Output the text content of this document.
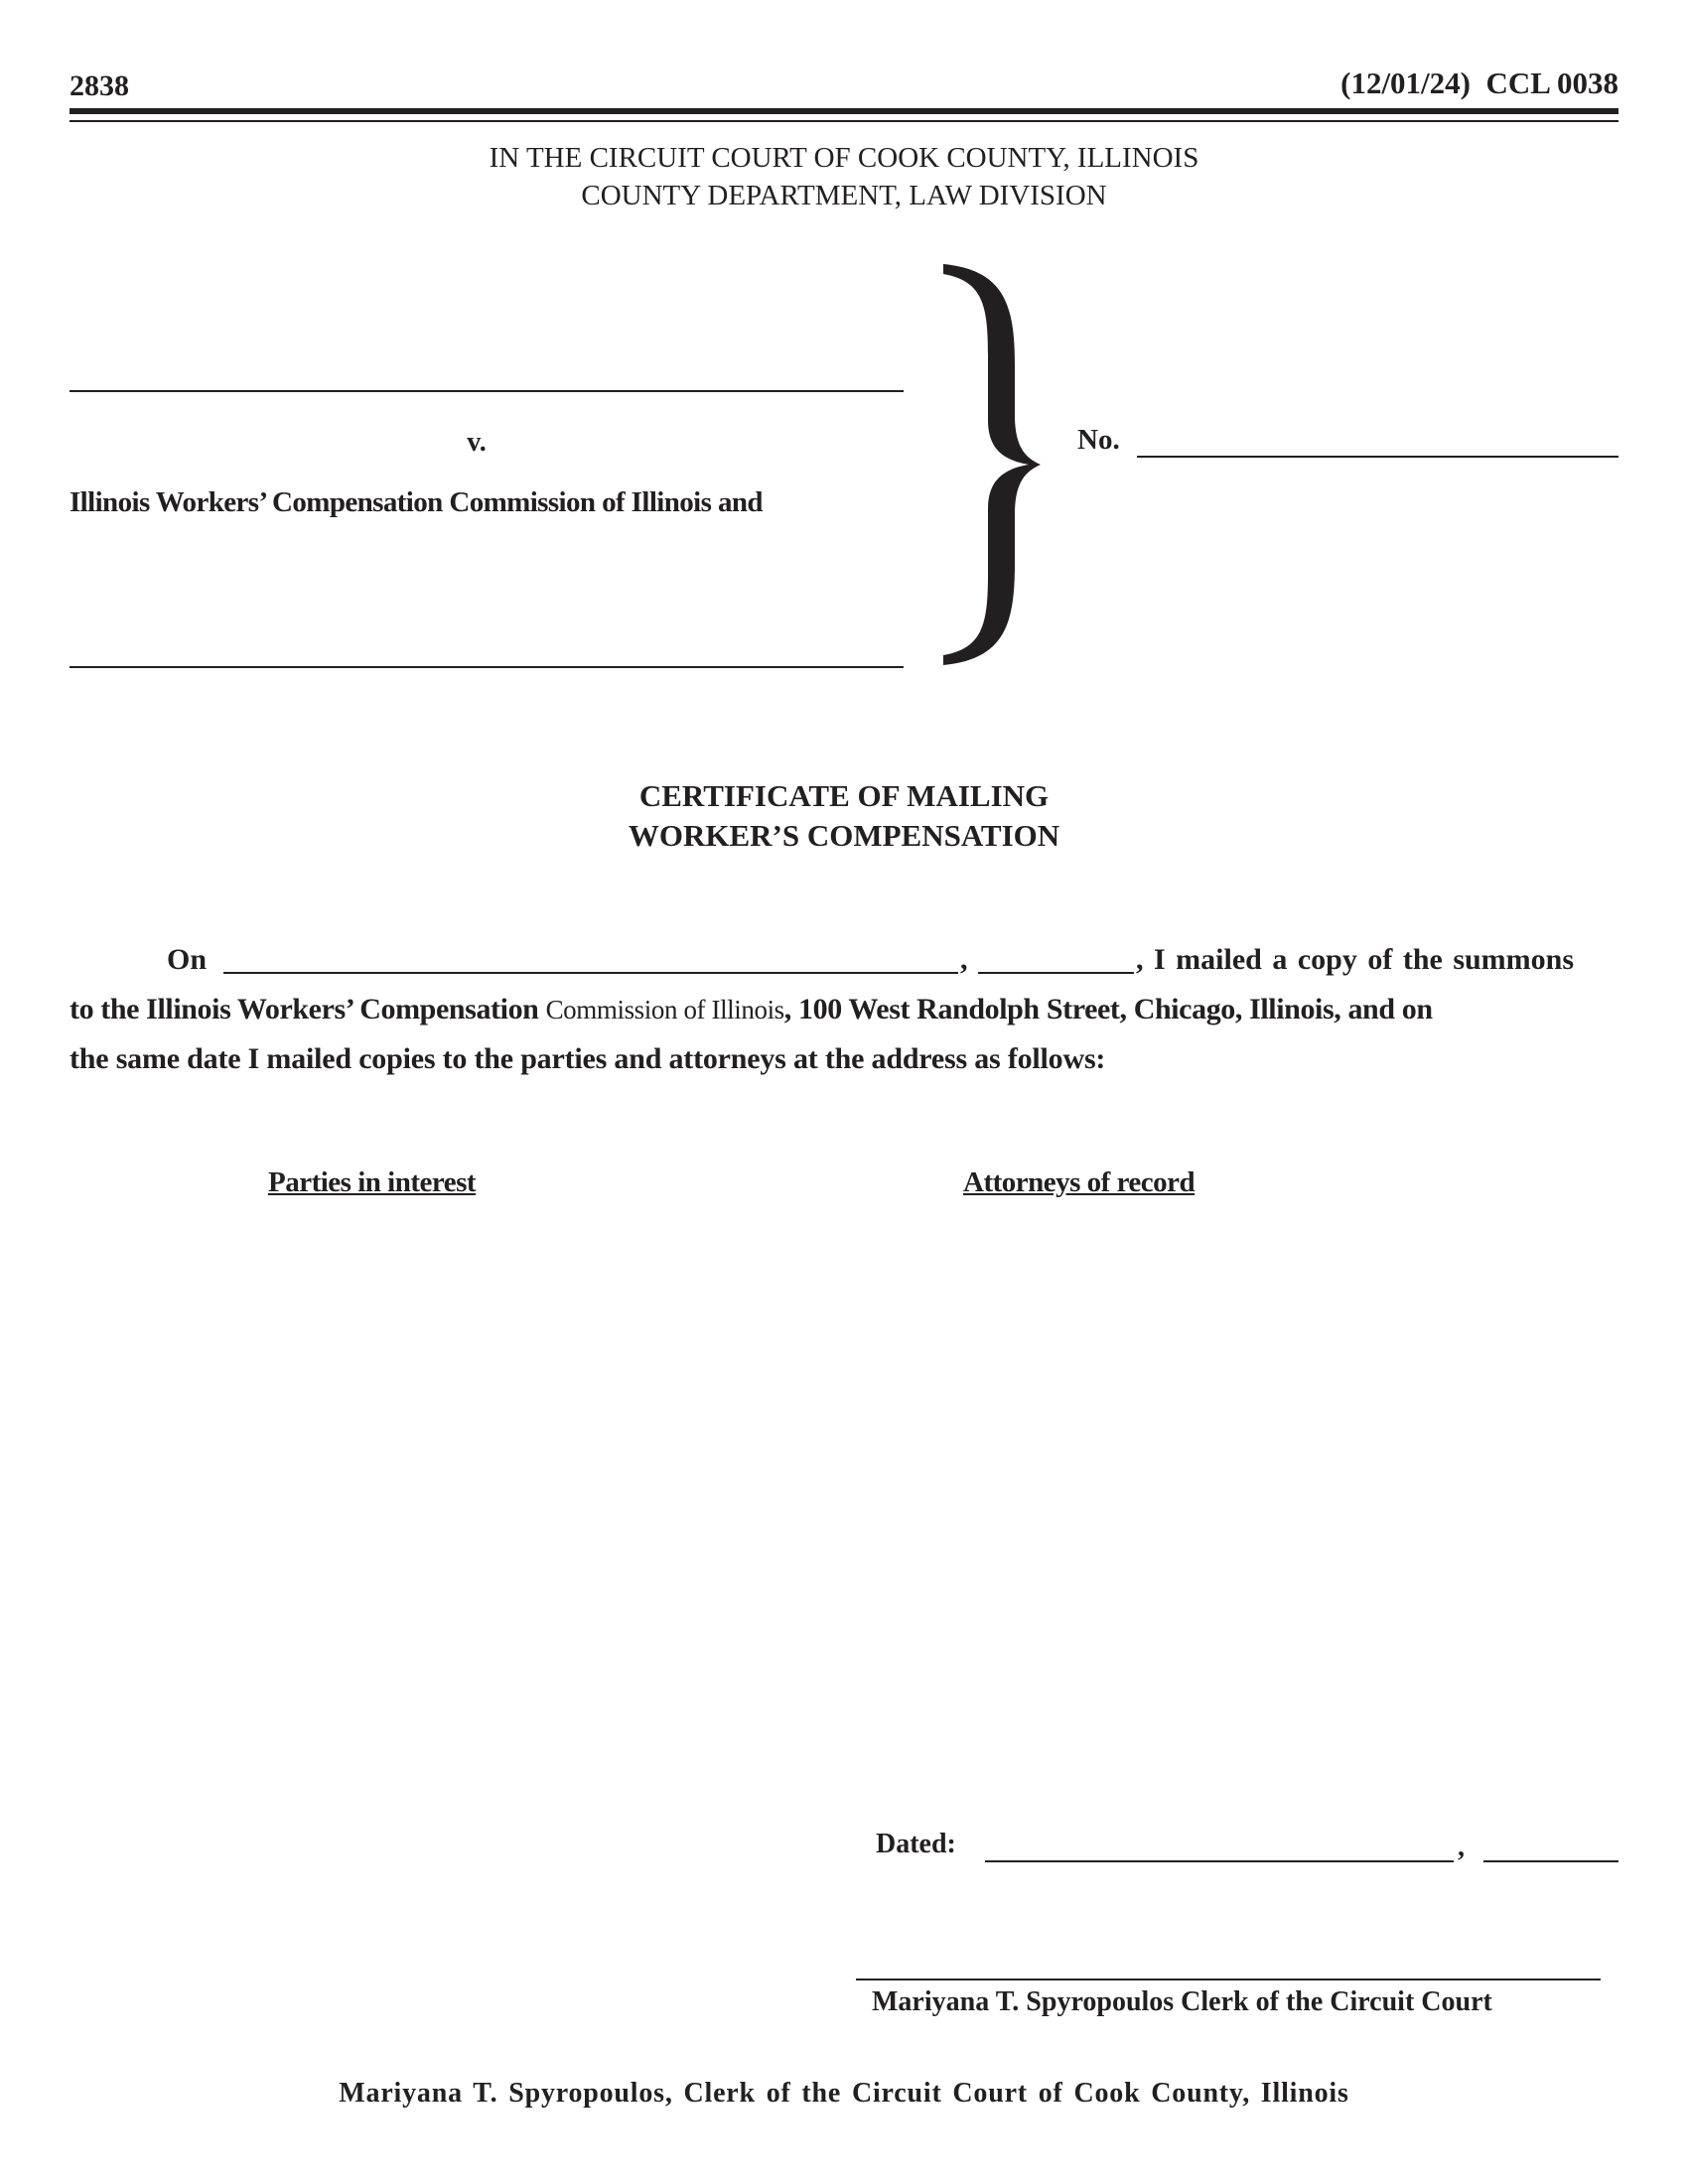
2838	(12/01/24)  CCL 0038
IN THE CIRCUIT COURT OF COOK COUNTY, ILLINOIS
COUNTY DEPARTMENT, LAW DIVISION
v.
Illinois Workers’ Compensation Commission of Illinois and
No.
CERTIFICATE OF MAILING
WORKER’S COMPENSATION
On	,	, I mailed a copy of the summons
to the Illinois Workers’ Compensation Commission of Illinois, 100 West Randolph Street, Chicago, Illinois, and on
the same date I mailed copies to the parties and attorneys at the address as follows:
Parties in interest	Attorneys of record
Dated:	,
Mariyana T. Spyropoulos Clerk of the Circuit Court
Mariyana T. Spyropoulos, Clerk of the Circuit Court of Cook County, Illinois
